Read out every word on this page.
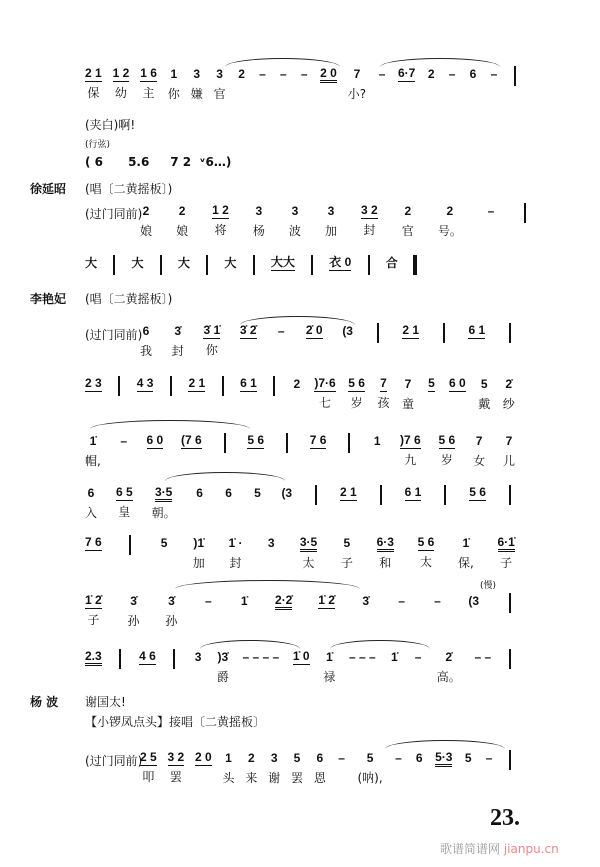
2 1
保
1 2
幼
1 6
主
1
你
3
嫌
3
官
2 – – – 2 0 7
小?
– 6·7 2 – 6 –
(夹白)啊!
(行弦)
( 6      5.6     7 2  ᵛ6…)
徐延昭 (唱〔二黄摇板〕)
(过门同前) 2
娘
2
娘
1 2
将
3
杨
3
波
3
加
3 2
封
2
官
2
号。
–
大	大	大	大	大大	衣 0	合
李艳妃 (唱〔二黄摇板〕)
(过门同前) 6
我
3̇
封
3̇ 1̇
你
3̇ 2̇ – 2̇ 0 (3	2 1	6 1
2 3	4 3	2 1	6 1	2 )7·6
七
5 6
岁
7
孩
7
童
5 6 0 5
戴
2̇
纱
1̇
帽,
– 6 0 (7 6	5 6	7 6	1 )7 6
九
5 6
岁
7
女
7
儿
6
入
6 5
皇
3·5
朝。
6 6 5 (3	2 1	6 1	5 6
7 6	5 )1̇
加
1̇ ·
封
3 3·5
太
5
子
6·3
和
5 6
太
1̇
保,
6·1̇
子
(慢)
1̇ 2̇
子
3̇
孙
3̇
孙
– 1̇ 2·2̇ 1̇ 2̇ 3̇ – – (3
2.3	4 6	3 )3̇
爵
– – – – 1̇ 0 1̇
禄
– – – 1̇ – 2̇
高。
– –
杨 波 谢国太!
【小锣凤点头】接唱〔二黄摇板〕
(过门同前)
2 5
叩
3 2
罢
2 0 1
头
2
来
3
谢
5
罢
6
恩
– 5
(呐),
– 6 5·3 5 –
23.
歌谱简谱网 jianpu.cn
